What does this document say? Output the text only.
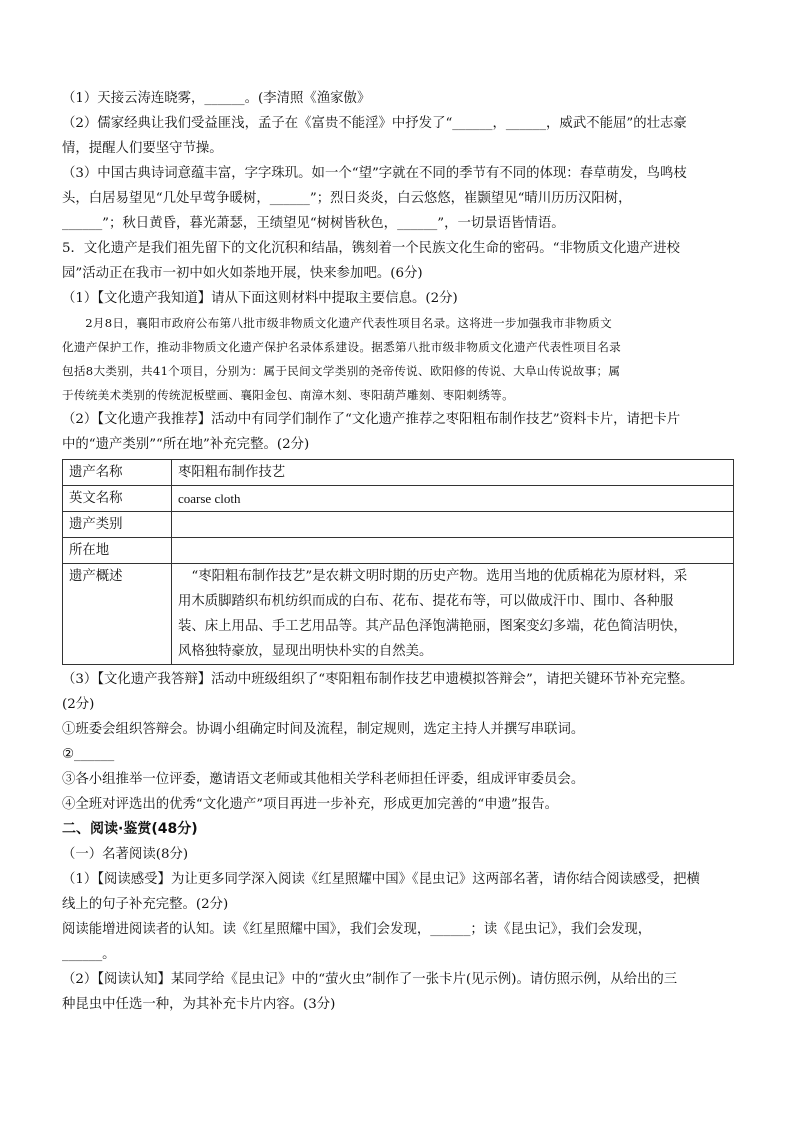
（1）天接云涛连晓雾，______。(李清照《渔家傲》

（2）儒家经典让我们受益匪浅，孟子在《富贵不能淫》中抒发了“______，______，威武不能屈”的壮志豪

情，提醒人们要坚守节操。

（3）中国古典诗词意蕴丰富，字字珠玑。如一个“望”字就在不同的季节有不同的体现：春草萌发，鸟鸣枝

头，白居易望见“几处早莺争暖树，______”；烈日炎炎，白云悠悠，崔颢望见“晴川历历汉阳树，

______”；秋日黄昏，暮光萧瑟，王绩望见“树树皆秋色，______”，一切景语皆情语。

5．文化遗产是我们祖先留下的文化沉积和结晶，镌刻着一个民族文化生命的密码。“非物质文化遗产进校

园”活动正在我市一初中如火如荼地开展，快来参加吧。(6分)

（1）【文化遗产我知道】请从下面这则材料中提取主要信息。(2分)

2月8日，襄阳市政府公布第八批市级非物质文化遗产代表性项目名录。这将进一步加强我市非物质文

化遗产保护工作，推动非物质文化遗产保护名录体系建设。据悉第八批市级非物质文化遗产代表性项目名录

包括8大类别，共41个项目，分别为：属于民间文学类别的尧帝传说、欧阳修的传说、大阜山传说故事；属

于传统美术类别的传统泥板壁画、襄阳金包、南漳木刻、枣阳葫芦雕刻、枣阳刺绣等。

（2）【文化遗产我推荐】活动中有同学们制作了“文化遗产推荐之枣阳粗布制作技艺”资料卡片，请把卡片

中的“遗产类别”“所在地”补充完整。(2分)

遗产名称	枣阳粗布制作技艺
英文名称	coarse cloth
遗产类别	
所在地	
遗产概述	“枣阳粗布制作技艺”是农耕文明时期的历史产物。选用当地的优质棉花为原材料，采
用木质脚踏织布机纺织而成的白布、花布、提花布等，可以做成汗巾、围巾、各种服
装、床上用品、手工艺用品等。其产品色泽饱满艳丽，图案变幻多端，花色简洁明快，
风格独特豪放，显现出明快朴实的自然美。

（3）【文化遗产我答辩】活动中班级组织了“枣阳粗布制作技艺申遗模拟答辩会”，请把关键环节补充完整。

(2分)

①班委会组织答辩会。协调小组确定时间及流程，制定规则，选定主持人并撰写串联词。

②______

③各小组推举一位评委，邀请语文老师或其他相关学科老师担任评委，组成评审委员会。

④全班对评选出的优秀“文化遗产”项目再进一步补充，形成更加完善的“申遗”报告。

二、阅读·鉴赏(48分)

（一）名著阅读(8分)

（1）【阅读感受】为让更多同学深入阅读《红星照耀中国》《昆虫记》这两部名著，请你结合阅读感受，把横

线上的句子补充完整。(2分)

阅读能增进阅读者的认知。读《红星照耀中国》，我们会发现，______；读《昆虫记》，我们会发现，

______。

（2）【阅读认知】某同学给《昆虫记》中的“萤火虫”制作了一张卡片(见示例)。请仿照示例，从给出的三

种昆虫中任选一种，为其补充卡片内容。(3分)
